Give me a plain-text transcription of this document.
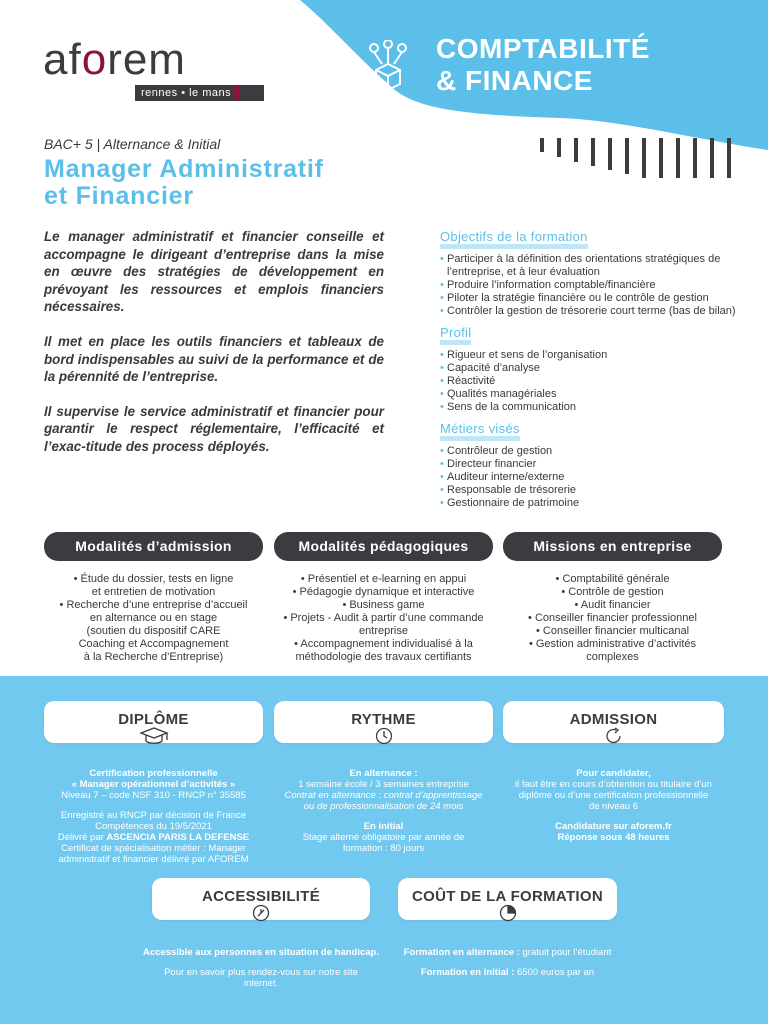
aforem
rennes • le mans
COMPTABILITÉ
& FINANCE
BAC+ 5 | Alternance & Initial
Manager Administratif
et Financier

Le manager administratif et financier conseille et accompagne le dirigeant d’entreprise dans la mise en œuvre des stratégies de développement en prévoyant les ressources et emplois financiers nécessaires.

Il met en place les outils financiers et tableaux de bord indispensables au suivi de la performance et de la pérennité de l’entreprise.

Il supervise le service administratif et financier pour garantir le respect réglementaire, l’efficacité et l’exac-titude des process déployés.

Objectifs de la formation
• Participer à la définition des orientations stratégiques de l’entreprise, et à leur évaluation
• Produire l’information comptable/financière
• Piloter la stratégie financière ou le contrôle de gestion
• Contrôler la gestion de trésorerie court terme (bas de bilan)
Profil
• Rigueur et sens de l’organisation
• Capacité d’analyse
• Réactivité
• Qualités managériales
• Sens de la communication
Métiers visés
• Contrôleur de gestion
• Directeur financier
• Auditeur interne/externe
• Responsable de trésorerie
• Gestionnaire de patrimoine
Modalités d’admission	Modalités pédagogiques	Missions en entreprise
• Étude du dossier, tests en ligne
et entretien de motivation
• Recherche d’une entreprise d’accueil
en alternance ou en stage
(soutien du dispositif CARE
Coaching et Accompagnement
à la Recherche d’Entreprise)
• Présentiel et e-learning en appui
• Pédagogie dynamique et interactive
• Business game
• Projets - Audit à partir d’une commande
entreprise
• Accompagnement individualisé à la
méthodologie des travaux certifiants
• Comptabilité générale
• Contrôle de gestion
• Audit financier
• Conseiller financier professionnel
• Conseiller financier multicanal
• Gestion administrative d’activités
complexes
DIPLÔME	RYTHME	ADMISSION
Certification professionnelle
« Manager opérationnel d’activités »
Niveau 7 – code NSF 310 - RNCP n° 35585
Enregistré au RNCP par décision de France
Compétences du 19/5/2021
Délivré par ASCENCIA PARIS LA DEFENSE
Certificat de spécialisation métier : Manager
administratif et financier délivré par AFOREM
En alternance :
1 semaine école / 3 semaines entreprise
Contrat en alternance : contrat d’apprentissage
ou de professionnalisation de 24 mois
En initial
Stage alterné obligatoire par année de
formation : 80 jours
Pour candidater,
il faut être en cours d’obtention ou titulaire d’un
diplôme ou d’une certification professionnelle
de niveau 6
Candidature sur aforem.fr
Réponse sous 48 heures
ACCESSIBILITÉ	COÛT DE LA FORMATION
Accessible aux personnes en situation de handicap.
Pour en savoir plus rendez-vous sur notre site
internet.
Formation en alternance : gratuit pour l’étudiant
Formation en initial : 6500 euros par an
